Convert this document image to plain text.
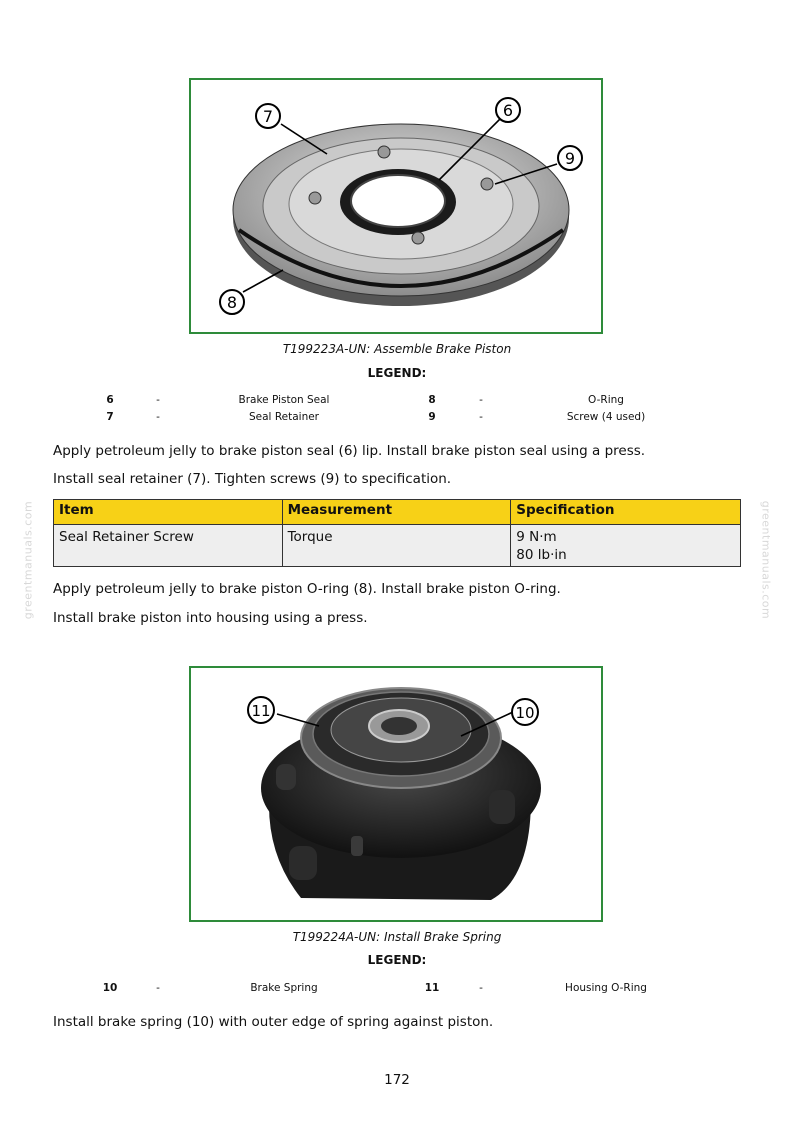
greentmanuals.com	greentmanuals.com
7	6
9
8
T199223A-UN: Assemble Brake Piston
LEGEND:
6	-	Brake Piston Seal	8	-	O-Ring
7	-	Seal Retainer	9	-	Screw (4 used)
Apply petroleum jelly to brake piston seal (6) lip. Install brake piston seal using a press.
Install seal retainer (7). Tighten screws (9) to specification.
Item	Measurement	Specification
Seal Retainer Screw	Torque	9 N·m
80 lb·in
Apply petroleum jelly to brake piston O-ring (8). Install brake piston O-ring.
Install brake piston into housing using a press.
11	10
T199224A-UN: Install Brake Spring
LEGEND:
10	-	Brake Spring	11	-	Housing O-Ring
Install brake spring (10) with outer edge of spring against piston.
172
